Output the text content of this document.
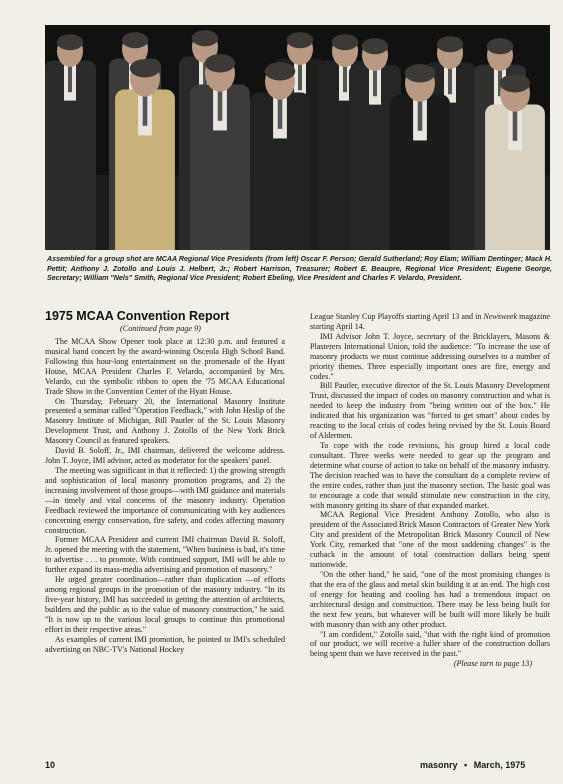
Assembled for a group shot are MCAA Regional Vice Presidents (from left) Oscar F. Person; Gerald Sutherland; Roy Elam; William Dentinger; Mack H. Pettit; Anthony J. Zotollo and Louis J. Helbert, Jr.; Robert Harrison, Treasurer; Robert E. Beaupre, Regional Vice President; Eugene George, Secretary; William "Nels" Smith, Regional Vice President; Robert Ebeling, Vice President and Charles F. Velardo, President.

1975 MCAA Convention Report

(Continued from page 9)

The MCAA Show Opener took place at 12:30 p.m. and featured a musical band concert by the award-winning Osceola High School Band. Following this hour-long entertainment on the promenade of the Hyatt House, MCAA President Charles F. Velardo, accompanied by Mrs. Velardo, cut the symbolic ribbon to open the '75 MCAA Educational Trade Show in the Convention Center of the Hyatt House.

On Thursday, February 20, the International Masonry Institute presented a seminar called "Operation Feedback," with John Heslip of the Masonry Institute of Michigan, Bill Pautler of the St. Louis Masonry Development Trust, and Anthony J. Zotollo of the New York Brick Masonry Council as featured speakers.

David B. Soloff, Jr., IMI chairman, delivered the welcome address. John T. Joyce, IMI advisor, acted as moderator for the speakers' panel.

The meeting was significant in that it reflected: 1) the growing strength and sophistication of local masonry promotion programs, and 2) the increasing involvement of those groups—with IMI guidance and materials—in timely and vital concerns of the masonry industry. Operation Feedback reviewed the importance of communicating with key audiences concerning energy conservation, fire safety, and codes affecting masonry construction.

Former MCAA President and current IMI chairman David B. Soloff, Jr. opened the meeting with the statement, "When business is bad, it's time to advertise . . . to promote. With continued support, IMI will be able to further expand its mass-media advertising and promotion of masonry."

He urged greater coordination—rather than duplication —of efforts among regional groups in the promotion of the masonry industry. "In its five-year history, IMI has succeeded in getting the attention of architects, builders and the public as to the value of masonry construction," he said. "It is now up to the various local groups to continue this promotional effort in their respective areas."

As examples of current IMI promotion, he pointed to IMI's scheduled advertising on NBC-TV's National Hockey

League Stanley Cup Playoffs starting April 13 and in Newsweek magazine starting April 14.

IMI Advisor John T. Joyce, secretary of the Bricklayers, Masons & Plasterers International Union, told the audience: "To increase the use of masonry products we must continue addressing ourselves to a number of priority themes. Three especially important ones are fire, energy and codes."

Bill Pautler, executive director of the St. Louis Masonry Development Trust, discussed the impact of codes on masonry construction and what is needed to keep the industry from "being written out of the box." He indicated that his organization was "forced to get smart" about codes by reacting to the local crisis of codes being revised by the St. Louis Board of Aldermen.

To cope with the code revisions, his group hired a local code consultant. Three weeks were needed to gear up the program and determine what course of action to take on behalf of the masonry industry. The decision reached was to have the consultant do a complete review of the entire codes, rather than just the masonry section. The basic goal was to encourage a code that would stimulate new construction in the city, with masonry getting its share of that expanded market.

MCAA Regional Vice President Anthony Zotollo, who also is president of the Associated Brick Mason Contractors of Greater New York City and president of the Metropolitan Brick Masonry Council of New York City, remarked that "one of the most saddening changes" is the cutback in the amount of total construction dollars being spent nationwide.

"On the other hand," he said, "one of the most promising changes is that the era of the glass and metal skin building it at an end. The high cost of energy for heating and cooling has had a tremendous impact on architectural design and construction. There may be less being built for the next few years, but whatever will be built will more likely be built with masonry than with any other product.

"I am confident," Zotollo said, "that with the right kind of promotion of our product, we will receive a fuller share of the construction dollars being spent than we have received in the past."

(Please turn to page 13)

10	masonry • March, 1975
